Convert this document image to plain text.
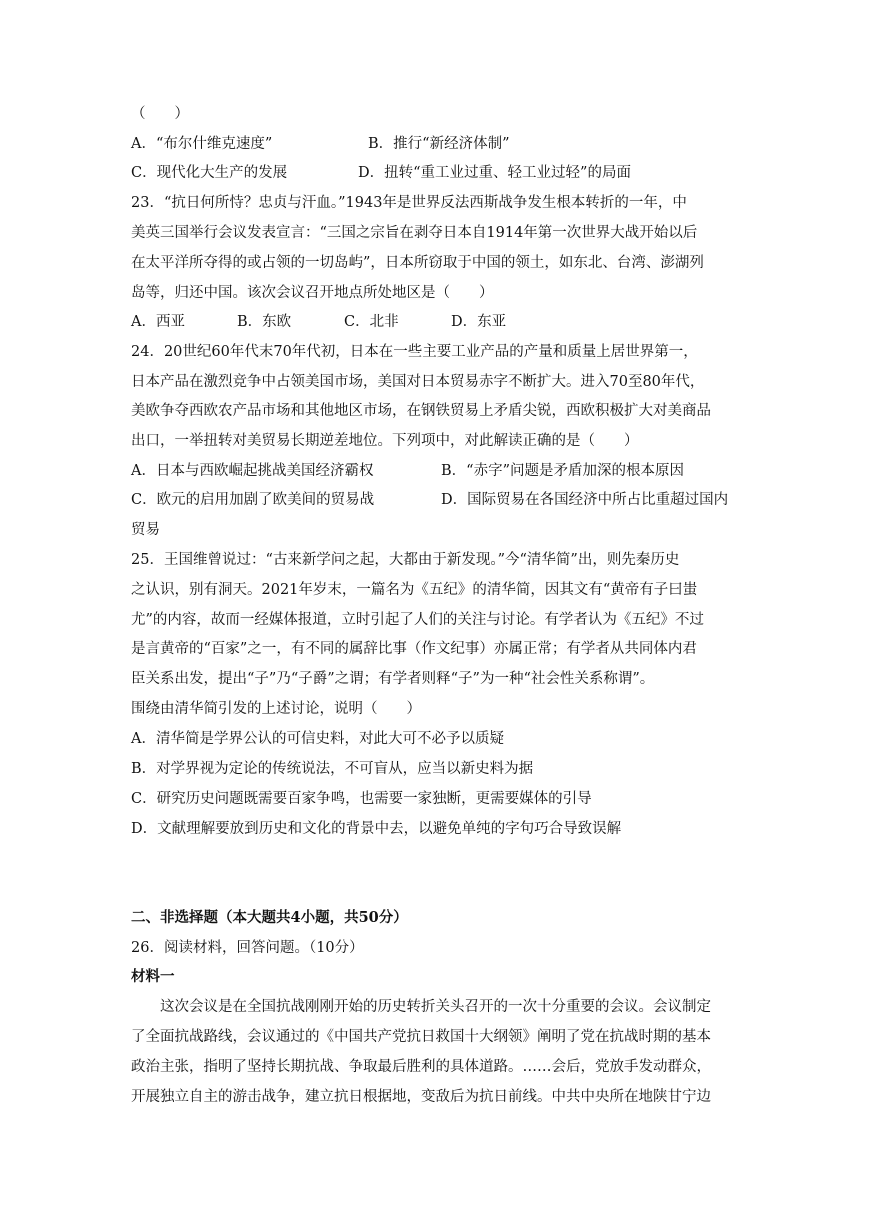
（　　）
A．“布尔什维克速度”	B．推行“新经济体制”
C．现代化大生产的发展	D．扭转“重工业过重、轻工业过轻”的局面
23．“抗日何所恃？忠贞与汗血。”1943年是世界反法西斯战争发生根本转折的一年，中
美英三国举行会议发表宣言：“三国之宗旨在剥夺日本自1914年第一次世界大战开始以后
在太平洋所夺得的或占领的一切岛屿”，日本所窃取于中国的领土，如东北、台湾、澎湖列
岛等，归还中国。该次会议召开地点所处地区是（　　）
A．西亚	B．东欧	C．北非	D．东亚
24．20世纪60年代末70年代初，日本在一些主要工业产品的产量和质量上居世界第一，
日本产品在激烈竞争中占领美国市场，美国对日本贸易赤字不断扩大。进入70至80年代，
美欧争夺西欧农产品市场和其他地区市场，在钢铁贸易上矛盾尖锐，西欧积极扩大对美商品
出口，一举扭转对美贸易长期逆差地位。下列项中，对此解读正确的是（　　）
A．日本与西欧崛起挑战美国经济霸权	B．“赤字”问题是矛盾加深的根本原因
C．欧元的启用加剧了欧美间的贸易战	D．国际贸易在各国经济中所占比重超过国内
贸易
25．王国维曾说过：“古来新学问之起，大都由于新发现。”今“清华简”出，则先秦历史
之认识，别有洞天。2021年岁末，一篇名为《五纪》的清华简，因其文有“黄帝有子曰蚩
尤”的内容，故而一经媒体报道，立时引起了人们的关注与讨论。有学者认为《五纪》不过
是言黄帝的“百家”之一，有不同的属辞比事（作文纪事）亦属正常；有学者从共同体内君
臣关系出发，提出“子”乃“子爵”之谓；有学者则释“子”为一种“社会性关系称谓”。
围绕由清华简引发的上述讨论，说明（　　）
A．清华简是学界公认的可信史料，对此大可不必予以质疑
B．对学界视为定论的传统说法，不可盲从，应当以新史料为据
C．研究历史问题既需要百家争鸣，也需要一家独断，更需要媒体的引导
D．文献理解要放到历史和文化的背景中去，以避免单纯的字句巧合导致误解
二、非选择题（本大题共4小题，共50分）
26．阅读材料，回答问题。（10分）
材料一
这次会议是在全国抗战刚刚开始的历史转折关头召开的一次十分重要的会议。会议制定
了全面抗战路线，会议通过的《中国共产党抗日救国十大纲领》阐明了党在抗战时期的基本
政治主张，指明了坚持长期抗战、争取最后胜利的具体道路。……会后，党放手发动群众，
开展独立自主的游击战争，建立抗日根据地，变敌后为抗日前线。中共中央所在地陕甘宁边
